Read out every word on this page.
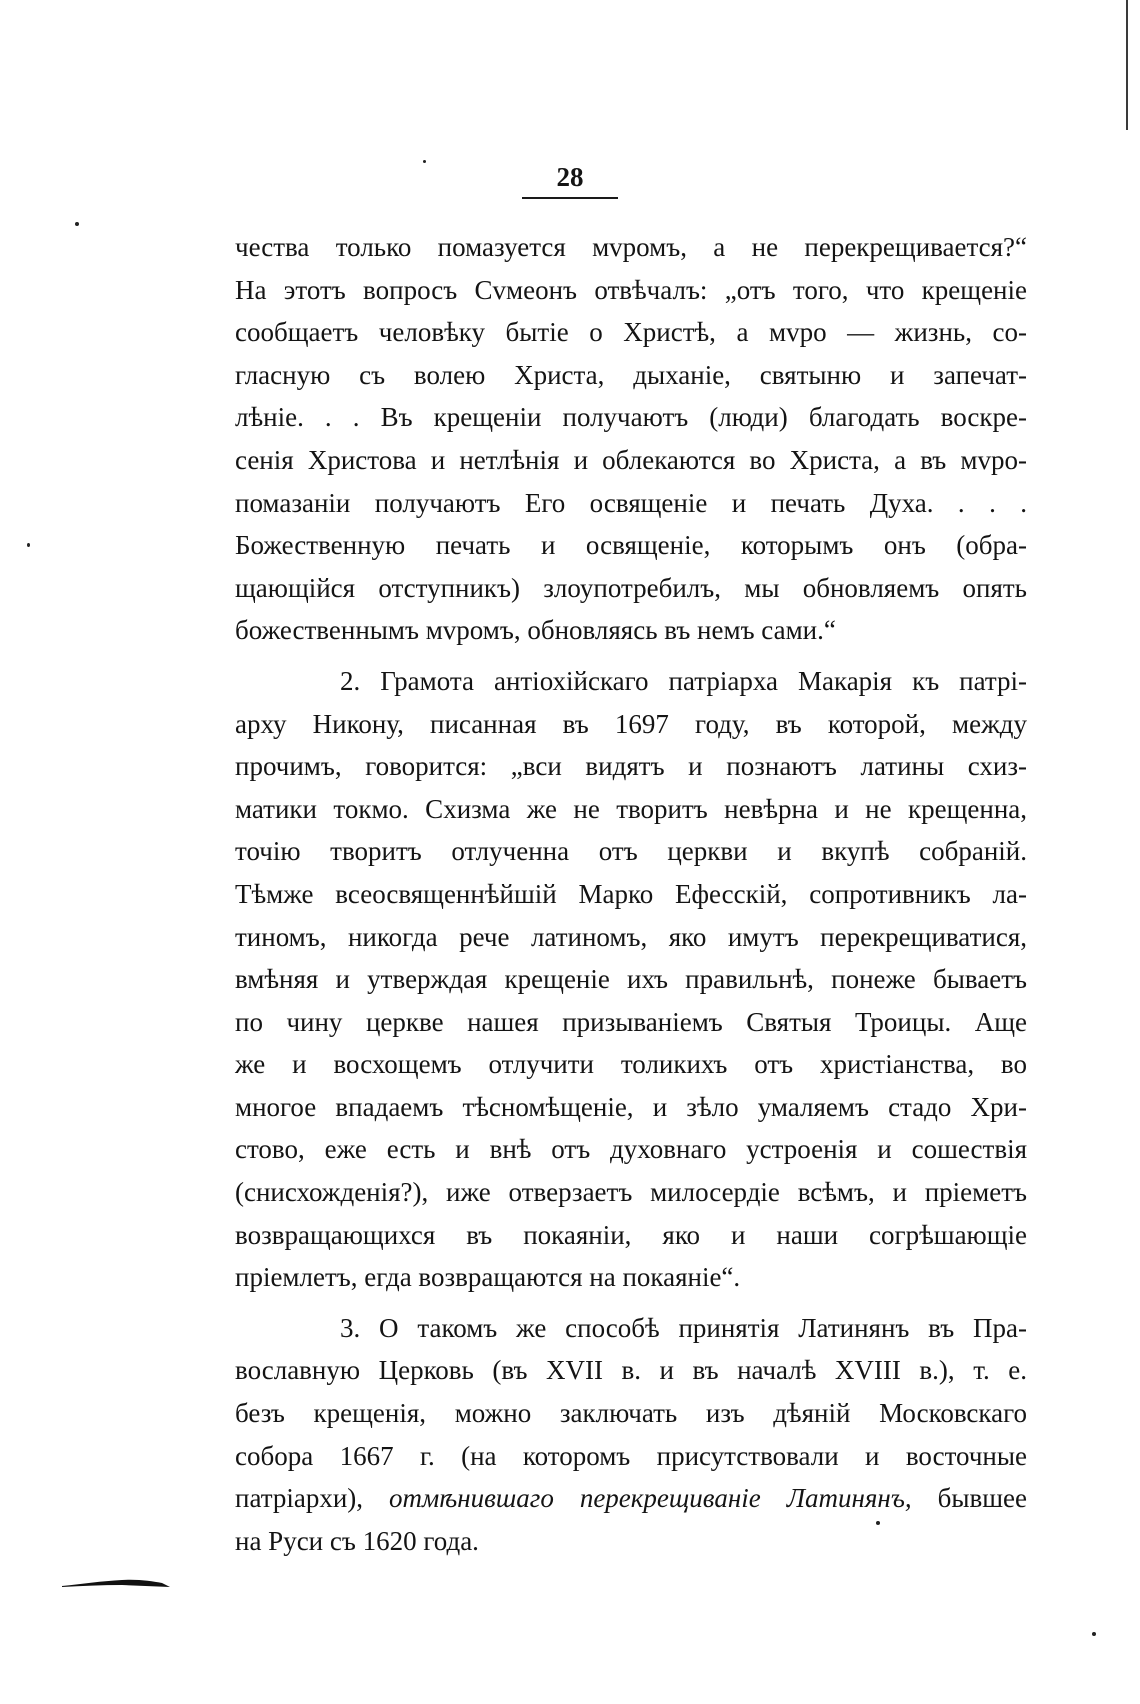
28
чества только помазуется мvромъ, а не перекрещивается?“
На этотъ вопросъ Сvмеонъ отвѣчалъ: „отъ того, что крещеніе
сообщаетъ человѣку бытіе о Христѣ, а мvро — жизнь, со-
гласную съ волею Христа, дыханіе, святыню и запечат-
лѣніе. . . Въ крещеніи получаютъ (люди) благодать воскре-
сенія Христова и нетлѣнія и облекаются во Христа, а въ мvро-
помазаніи получаютъ Его освященіе и печать Духа. . . .
Божественную печать и освященіе, которымъ онъ (обра-
щающійся отступникъ) злоупотребилъ, мы обновляемъ опять
божественнымъ мvромъ, обновляясь въ немъ сами.“
2. Грамота антіохійскаго патріарха Макарія къ патрі-
арху Никону, писанная въ 1697 году, въ которой, между
прочимъ, говорится: „вси видятъ и познаютъ латины схиз-
матики токмо. Схизма же не творитъ невѣрна и не крещенна,
точію творитъ отлученна отъ церкви и вкупѣ собраній.
Тѣмже всеосвященнѣйшій Марко Ефесскій, сопротивникъ ла-
тиномъ, никогда рече латиномъ, яко имутъ перекрещиватися,
вмѣняя и утверждая крещеніе ихъ правильнѣ, понеже бываетъ
по чину церкве нашея призываніемъ Святыя Троицы. Аще
же и восхощемъ отлучити толикихъ отъ христіанства, во
многое впадаемъ тѣсномѣщеніе, и зѣло умаляемъ стадо Хри-
стово, еже есть и внѣ отъ духовнаго устроенія и сошествія
(снисхожденія?), иже отверзаетъ милосердіе всѣмъ, и пріеметъ
возвращающихся въ покаяніи, яко и наши согрѣшающіе
пріемлетъ, егда возвращаются на покаяніе“.
3. О такомъ же способѣ принятія Латинянъ въ Пра-
вославную Церковь (въ XVII в. и въ началѣ XVIII в.), т. е.
безъ крещенія, можно заключать изъ дѣяній Московскаго
собора 1667 г. (на которомъ присутствовали и восточные
патріархи), отмѣнившаго перекрещиваніе Латинянъ, бывшее
на Руси съ 1620 года.
